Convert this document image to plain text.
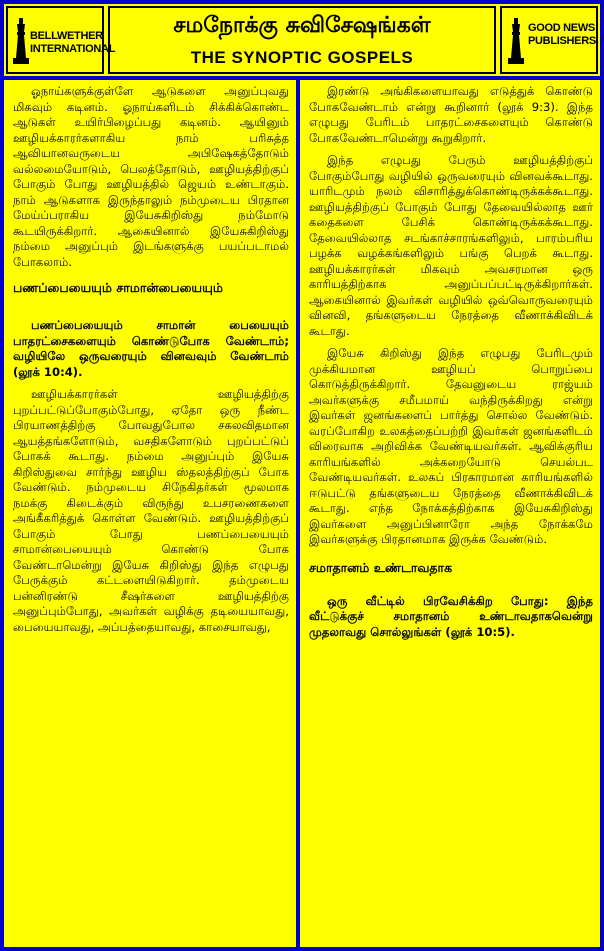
BELLWETHER INTERNATIONAL
சமநோக்கு சுவிசேஷங்கள்
THE SYNOPTIC GOSPELS
GOOD NEWS PUBLISHERS

ஓநாய்களுக்குள்ளே ஆடுகளை அனுப்புவது மிகவும் கடினம். ஓநாய்களிடம் சிக்கிக்கொண்ட ஆடுகள் உயிர்பிழைப்பது கடினம். ஆயினும் ஊழியக்காரர்களாகிய நாம் பரிசுத்த ஆவியானவருடைய அபிஷேகத்தோடும் வல்லமையோடும், பெலத்தோடும், ஊழியத்திற்குப் போகும் போது ஊழியத்தில் ஜெயம் உண்டாகும். நாம் ஆடுகளாக இருந்தாலும் நம்முடைய பிரதான மேய்ப்பராகிய இயேசுகிறிஸ்து நம்மோடு கூடயிருக்கிறார். ஆகையினால் இயேசுகிறிஸ்து நம்மை அனுப்பும் இடங்களுக்கு பயப்படாமல் போகலாம்.

பணப்பையையும் சாமான்பையையும்

பணப்பையையும் சாமான் பையையும் பாதரட்சைகளையும் கொண்டுபோக வேண்டாம்; வழியிலே ஒருவரையும் வினவவும் வேண்டாம் (லூக் 10:4).

ஊழியக்காரர்கள் ஊழியத்திற்கு புறப்பட்டுப்போகும்போது, ஏதோ ஒரு நீண்ட பிரயாணத்திற்கு போவதுபோல சகலவிதமான ஆயத்தங்களோடும், வசதிகளோடும் புறப்பட்டுப் போகக் கூடாது. நம்மை அனுப்பும் இயேசு கிறிஸ்துவை சார்ந்து ஊழிய ஸ்தலத்திற்குப் போக வேண்டும். நம்முடைய சிநேகிதர்கள் மூலமாக நமக்கு கிடைக்கும் விருந்து உபசரணைகளை அங்கீகரித்துக் கொள்ள வேண்டும். ஊழியத்திற்குப் போகும் போது பணப்பையையும் சாமான்பையையும் கொண்டு போக வேண்டாமென்று இயேசு கிறிஸ்து இந்த எழுபது பேருக்கும் கட்டளையிடுகிறார். தம்முடைய பன்னிரண்டு சீஷர்களை ஊழியத்திற்கு அனுப்பும்போது, அவர்கள் வழிக்கு தடியையாவது, பையையாவது, அப்பத்தையாவது, காசையாவது,

இரண்டு அங்கிகளையாவது எடுத்துக் கொண்டு போகவேண்டாம் என்று கூறினார் (லூக் 9:3). இந்த எழுபது பேரிடம் பாதரட்சைகளையும் கொண்டு போகவேண்டாமென்று கூறுகிறார்.

இந்த எழுபது பேரும் ஊழியத்திற்குப் போகும்போது வழியில் ஒருவரையும் வினவக்கூடாது. யாரிடமும் நலம் விசாரித்துக்கொண்டிருக்கக்கூடாது. ஊழியத்திற்குப் போகும் போது தேவையில்லாத ஊர் கதைகளை பேசிக் கொண்டிருக்கக்கூடாது. தேவையில்லாத சடங்காச்சாரங்களிலும், பாரம்பரிய பழக்க வழக்கங்களிலும் பங்கு பெறக் கூடாது. ஊழியக்காரர்கள் மிகவும் அவசரமான ஒரு காரியத்திற்காக அனுப்பப்பட்டிருக்கிறார்கள். ஆகையினால் இவர்கள் வழியில் ஒவ்வொருவரையும் வினவி, தங்களுடைய நேரத்தை வீணாக்கிவிடக் கூடாது.

இயேசு கிறிஸ்து இந்த எழுபது பேரிடமும் முக்கியமான ஊழியப் பொறுப்பை கொடுத்திருக்கிறார். தேவனுடைய ராஜ்யம் அவர்களுக்கு சமீபமாய் வந்திருக்கிறது என்று இவர்கள் ஜனங்களைப் பார்த்து சொல்ல வேண்டும். வரப்போகிற உலகத்தைப்பற்றி இவர்கள் ஜனங்களிடம் விரைவாக அறிவிக்க வேண்டியவர்கள். ஆவிக்குரிய காரியங்களில் அக்கறையோடு செயல்பட வேண்டியவர்கள். உலகப் பிரகாரமான காரியங்களில் ஈடுபட்டு தங்களுடைய நேரத்தை வீணாக்கிவிடக் கூடாது. எந்த நோக்கத்திற்காக இயேசுகிறிஸ்து இவர்களை அனுப்பினாரோ அந்த நோக்கமே இவர்களுக்கு பிரதானமாக இருக்க வேண்டும்.

சமாதானம் உண்டாவதாக

ஒரு வீட்டில் பிரவேசிக்கிற போது: இந்த வீட்டுக்குச் சமாதானம் உண்டாவதாகவென்று முதலாவது சொல்லுங்கள் (லூக் 10:5).
